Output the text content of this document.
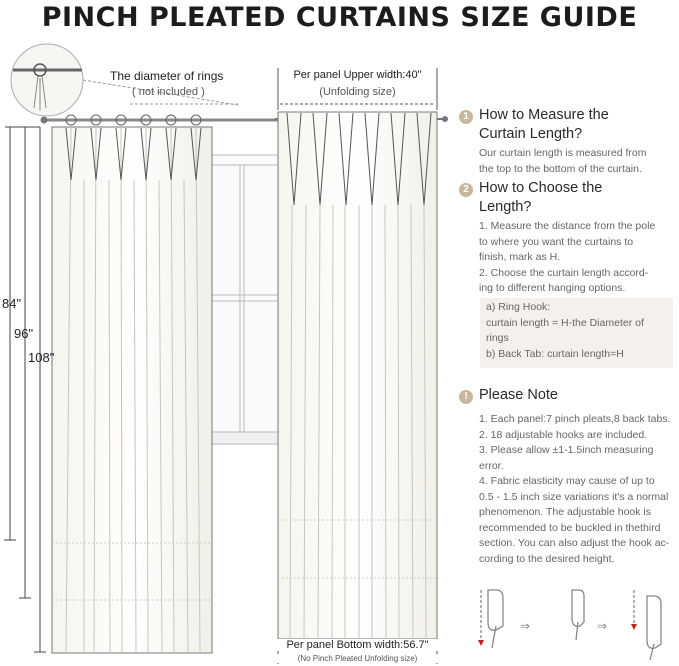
PINCH PLEATED CURTAINS SIZE GUIDE
⇒	⇒
The diameter of rings
( not included )
84"
96"
108"
Per panel Upper width:40"
(Unfolding size)
Per panel Bottom width:56.7"
(No Pinch Pleated Unfolding size)
1 How to Measure the
Curtain Length?
Our curtain length is measured from
the top to the bottom of the curtain.
2 How to Choose the
Length?
1. Measure the distance from the pole
to where you want the curtains to
finish, mark as H.
2. Choose the curtain length accord-
ing to different hanging options.
a) Ring Hook:
curtain length = H-the Diameter of
rings
b) Back Tab: curtain length=H
! Please Note
1. Each panel:7 pinch pleats,8 back tabs.
2. 18 adjustable hooks are included.
3. Please allow ±1-1.5inch measuring
error.
4. Fabric elasticity may cause of up to
0.5 - 1.5 inch size variations it's a normal
phenomenon. The adjustable hook is
recommended to be buckled in thethird
section. You can also adjust the hook ac-
cording to the desired height.
